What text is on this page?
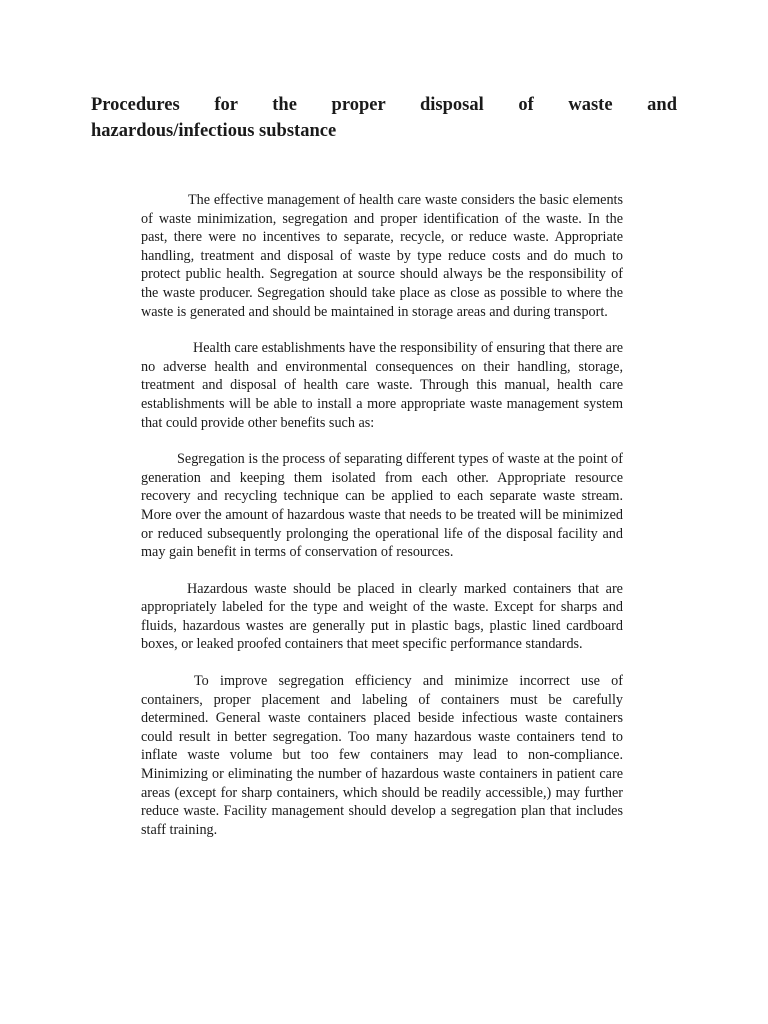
Procedures for the proper disposal of waste and
hazardous/infectious substance

The effective management of health care waste considers the basic elements of waste minimization, segregation and proper identification of the waste. In the past, there were no incentives to separate, recycle, or reduce waste. Appropriate handling, treatment and disposal of waste by type reduce costs and do much to protect public health. Segregation at source should always be the responsibility of the waste producer. Segregation should take place as close as possible to where the waste is generated and should be maintained in storage areas and during transport.

Health care establishments have the responsibility of ensuring that there are no adverse health and environmental consequences on their handling, storage, treatment and disposal of health care waste. Through this manual, health care establishments will be able to install a more appropriate waste management system that could provide other benefits such as:

Segregation is the process of separating different types of waste at the point of generation and keeping them isolated from each other. Appropriate resource recovery and recycling technique can be applied to each separate waste stream. More over the amount of hazardous waste that needs to be treated will be minimized or reduced subsequently prolonging the operational life of the disposal facility and may gain benefit in terms of conservation of resources.

Hazardous waste should be placed in clearly marked containers that are appropriately labeled for the type and weight of the waste. Except for sharps and fluids, hazardous wastes are generally put in plastic bags, plastic lined cardboard boxes, or leaked proofed containers that meet specific performance standards.

To improve segregation efficiency and minimize incorrect use of containers, proper placement and labeling of containers must be carefully determined. General waste containers placed beside infectious waste containers could result in better segregation. Too many hazardous waste containers tend to inflate waste volume but too few containers may lead to non-compliance. Minimizing or eliminating the number of hazardous waste containers in patient care areas (except for sharp containers, which should be readily accessible,) may further reduce waste. Facility management should develop a segregation plan that includes staff training.
